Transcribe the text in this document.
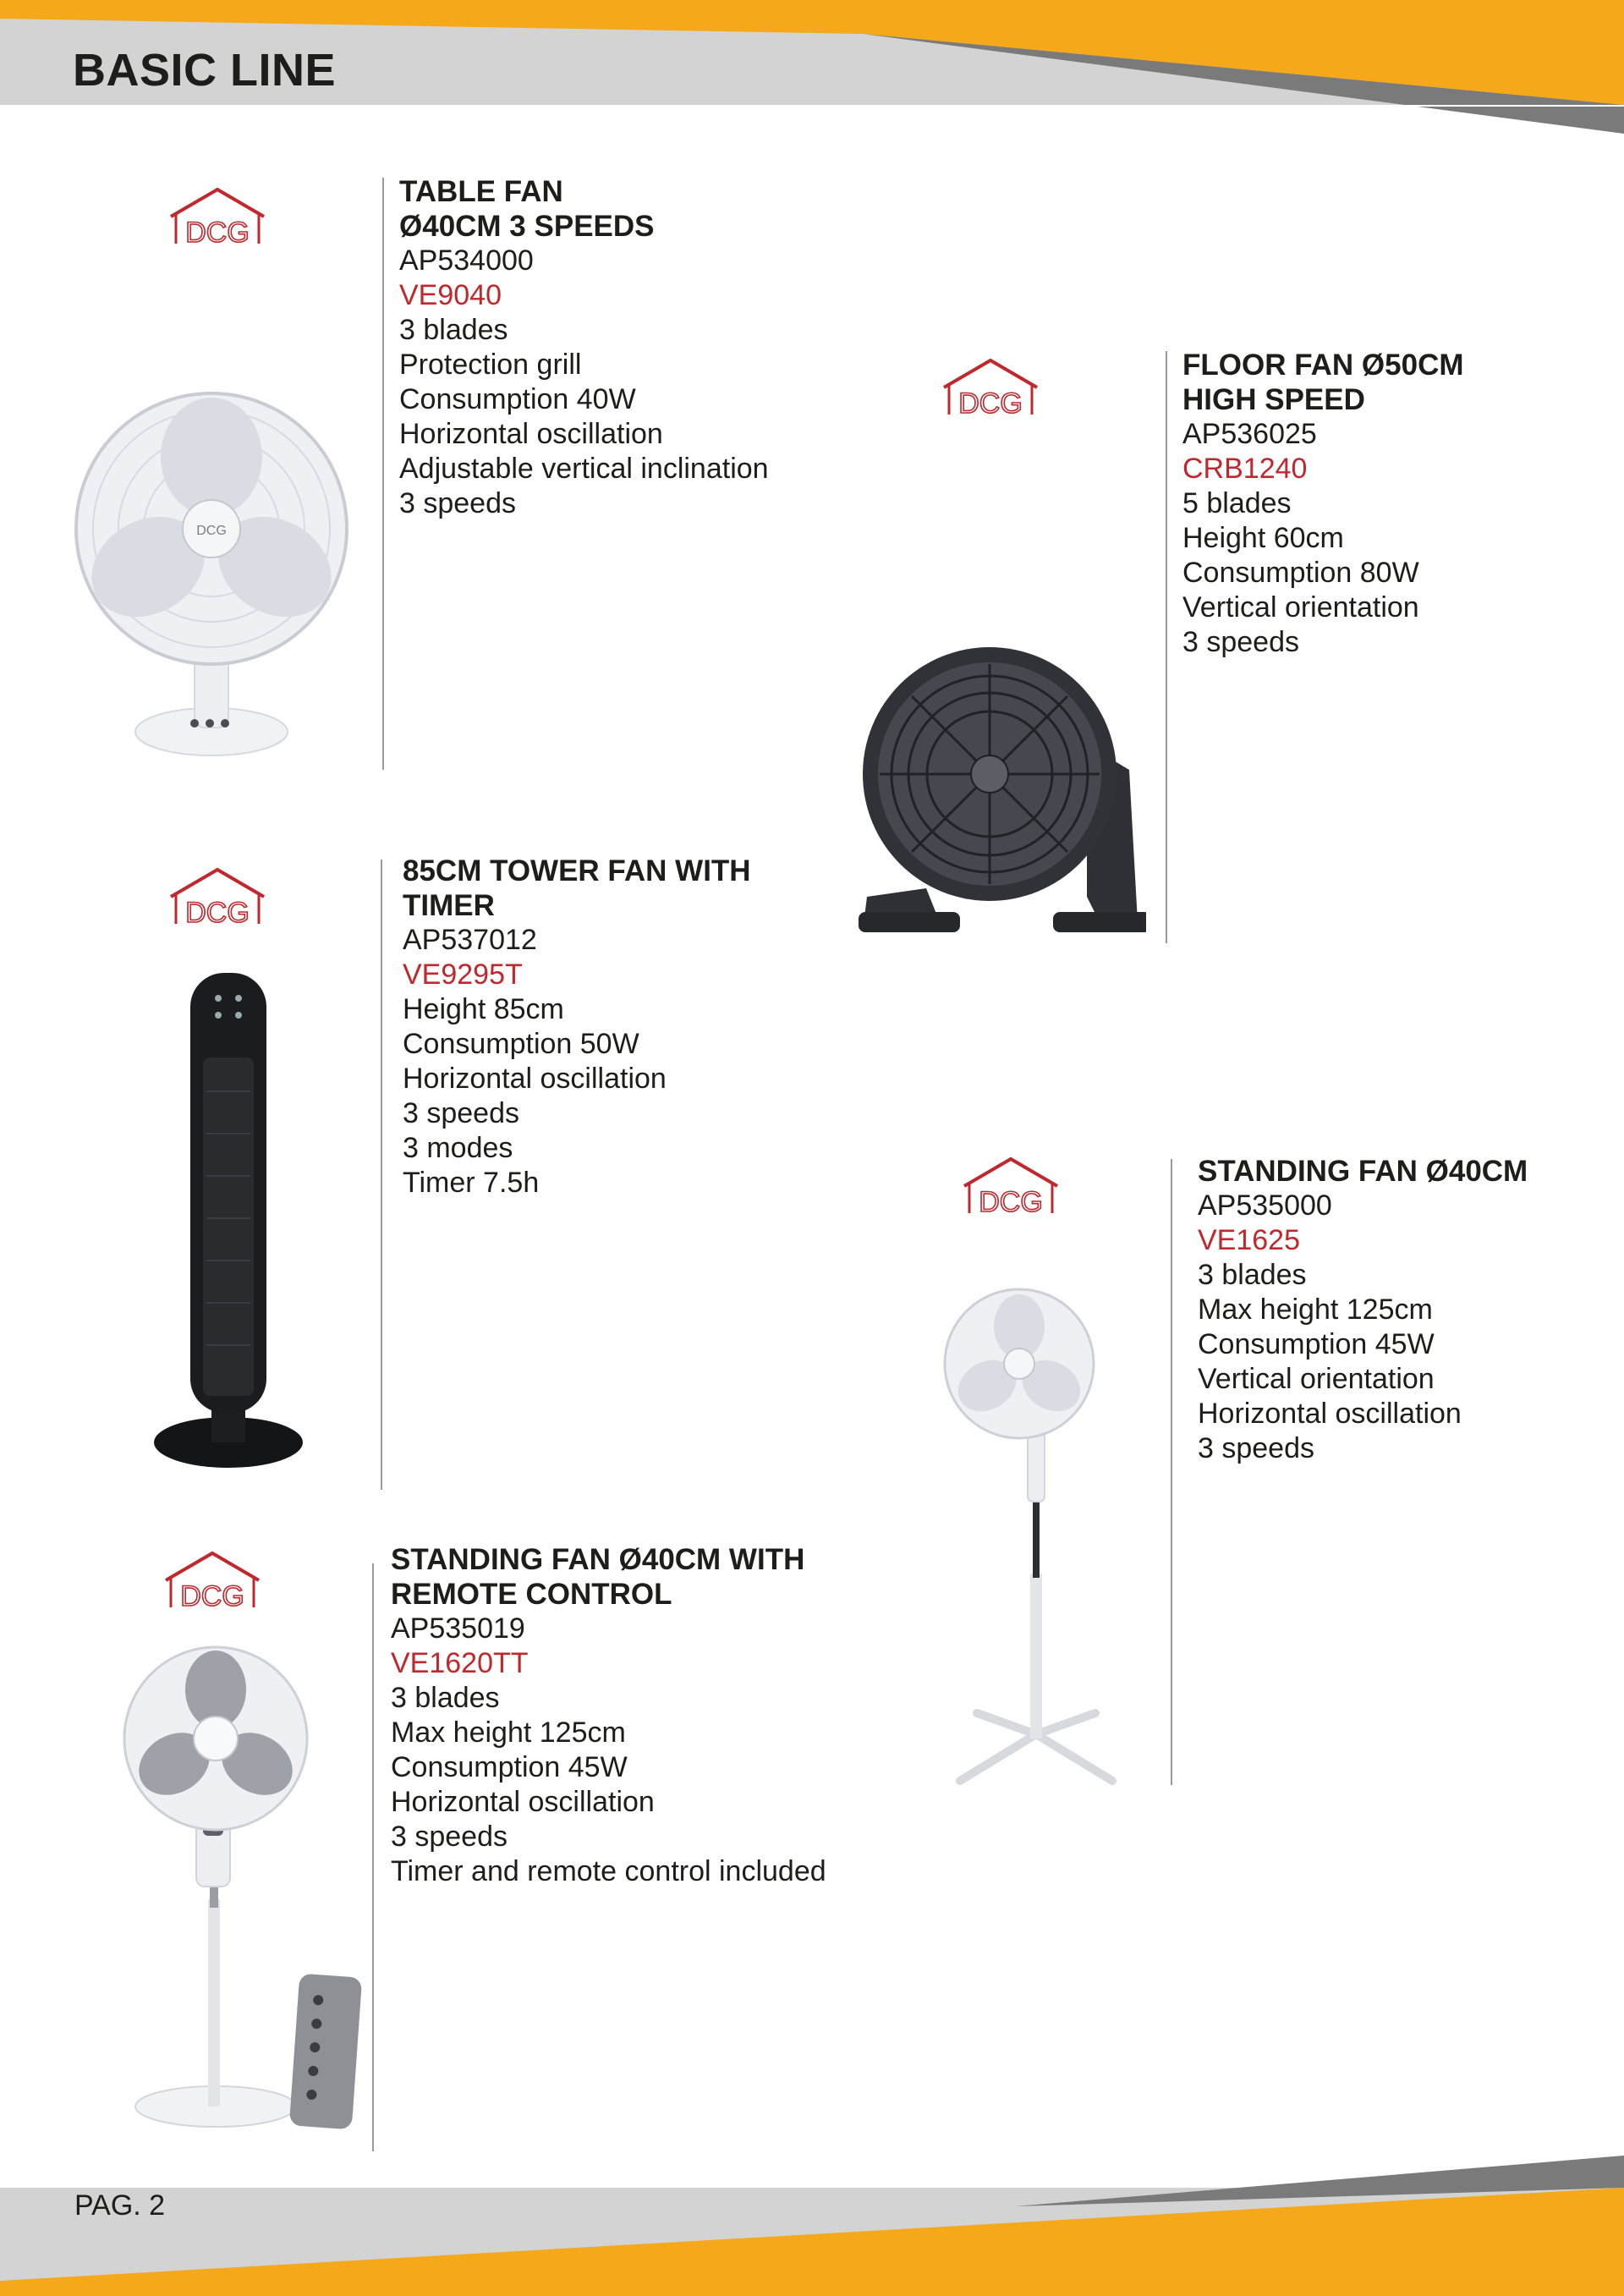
BASIC LINE
PAG. 2
DCG
DCG
TABLE FAN
Ø40CM 3 SPEEDS
AP534000
VE9040
3 blades
Protection grill
Consumption 40W
Horizontal oscillation
Adjustable vertical inclination
3 speeds
DCG
FLOOR FAN Ø50CM
HIGH SPEED
AP536025
CRB1240
5 blades
Height 60cm
Consumption 80W
Vertical orientation
3 speeds
DCG
85CM TOWER FAN WITH
TIMER
AP537012
VE9295T
Height 85cm
Consumption 50W
Horizontal oscillation
3 speeds
3 modes
Timer 7.5h
DCG
STANDING FAN Ø40CM
AP535000
VE1625
3 blades
Max height 125cm
Consumption 45W
Vertical orientation
Horizontal oscillation
3 speeds
DCG
STANDING FAN Ø40CM WITH
REMOTE CONTROL
AP535019
VE1620TT
3 blades
Max height 125cm
Consumption 45W
Horizontal oscillation
3 speeds
Timer and remote control included
